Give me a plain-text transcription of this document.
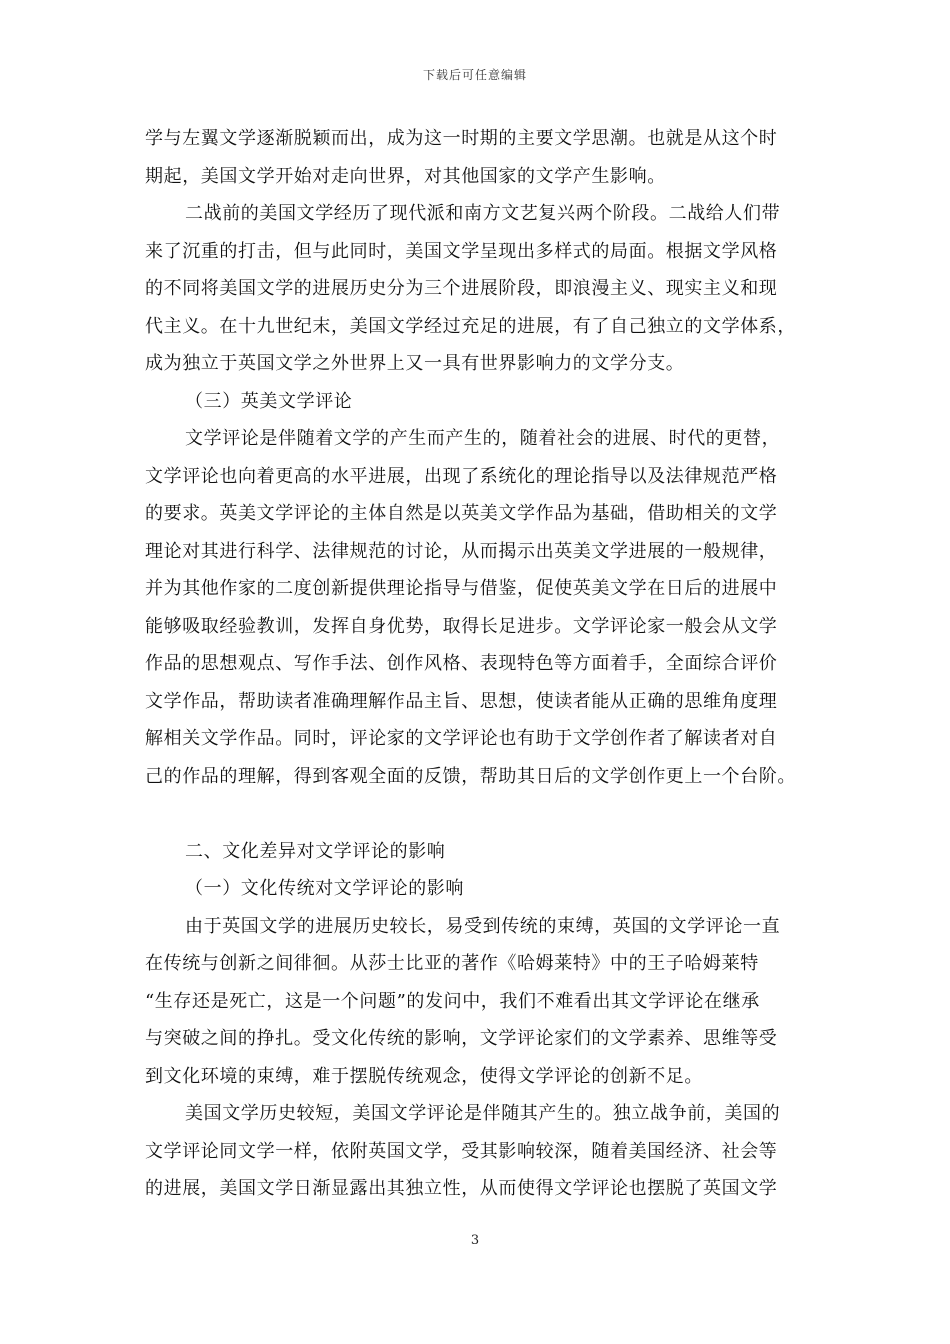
下载后可任意编辑
学与左翼文学逐渐脱颖而出，成为这一时期的主要文学思潮。也就是从这个时
期起，美国文学开始对走向世界，对其他国家的文学产生影响。
二战前的美国文学经历了现代派和南方文艺复兴两个阶段。二战给人们带
来了沉重的打击，但与此同时，美国文学呈现出多样式的局面。根据文学风格
的不同将美国文学的进展历史分为三个进展阶段，即浪漫主义、现实主义和现
代主义。在十九世纪末，美国文学经过充足的进展，有了自己独立的文学体系，
成为独立于英国文学之外世界上又一具有世界影响力的文学分支。
（三）英美文学评论
文学评论是伴随着文学的产生而产生的，随着社会的进展、时代的更替，
文学评论也向着更高的水平进展，出现了系统化的理论指导以及法律规范严格
的要求。英美文学评论的主体自然是以英美文学作品为基础，借助相关的文学
理论对其进行科学、法律规范的讨论，从而揭示出英美文学进展的一般规律，
并为其他作家的二度创新提供理论指导与借鉴，促使英美文学在日后的进展中
能够吸取经验教训，发挥自身优势，取得长足进步。文学评论家一般会从文学
作品的思想观点、写作手法、创作风格、表现特色等方面着手，全面综合评价
文学作品，帮助读者准确理解作品主旨、思想，使读者能从正确的思维角度理
解相关文学作品。同时，评论家的文学评论也有助于文学创作者了解读者对自
己的作品的理解，得到客观全面的反馈，帮助其日后的文学创作更上一个台阶。
二、文化差异对文学评论的影响
（一）文化传统对文学评论的影响
由于英国文学的进展历史较长，易受到传统的束缚，英国的文学评论一直
在传统与创新之间徘徊。从莎士比亚的著作《哈姆莱特》中的王子哈姆莱特
“生存还是死亡，这是一个问题”的发问中，我们不难看出其文学评论在继承
与突破之间的挣扎。受文化传统的影响，文学评论家们的文学素养、思维等受
到文化环境的束缚，难于摆脱传统观念，使得文学评论的创新不足。
美国文学历史较短，美国文学评论是伴随其产生的。独立战争前，美国的
文学评论同文学一样，依附英国文学，受其影响较深，随着美国经济、社会等
的进展，美国文学日渐显露出其独立性，从而使得文学评论也摆脱了英国文学
3
